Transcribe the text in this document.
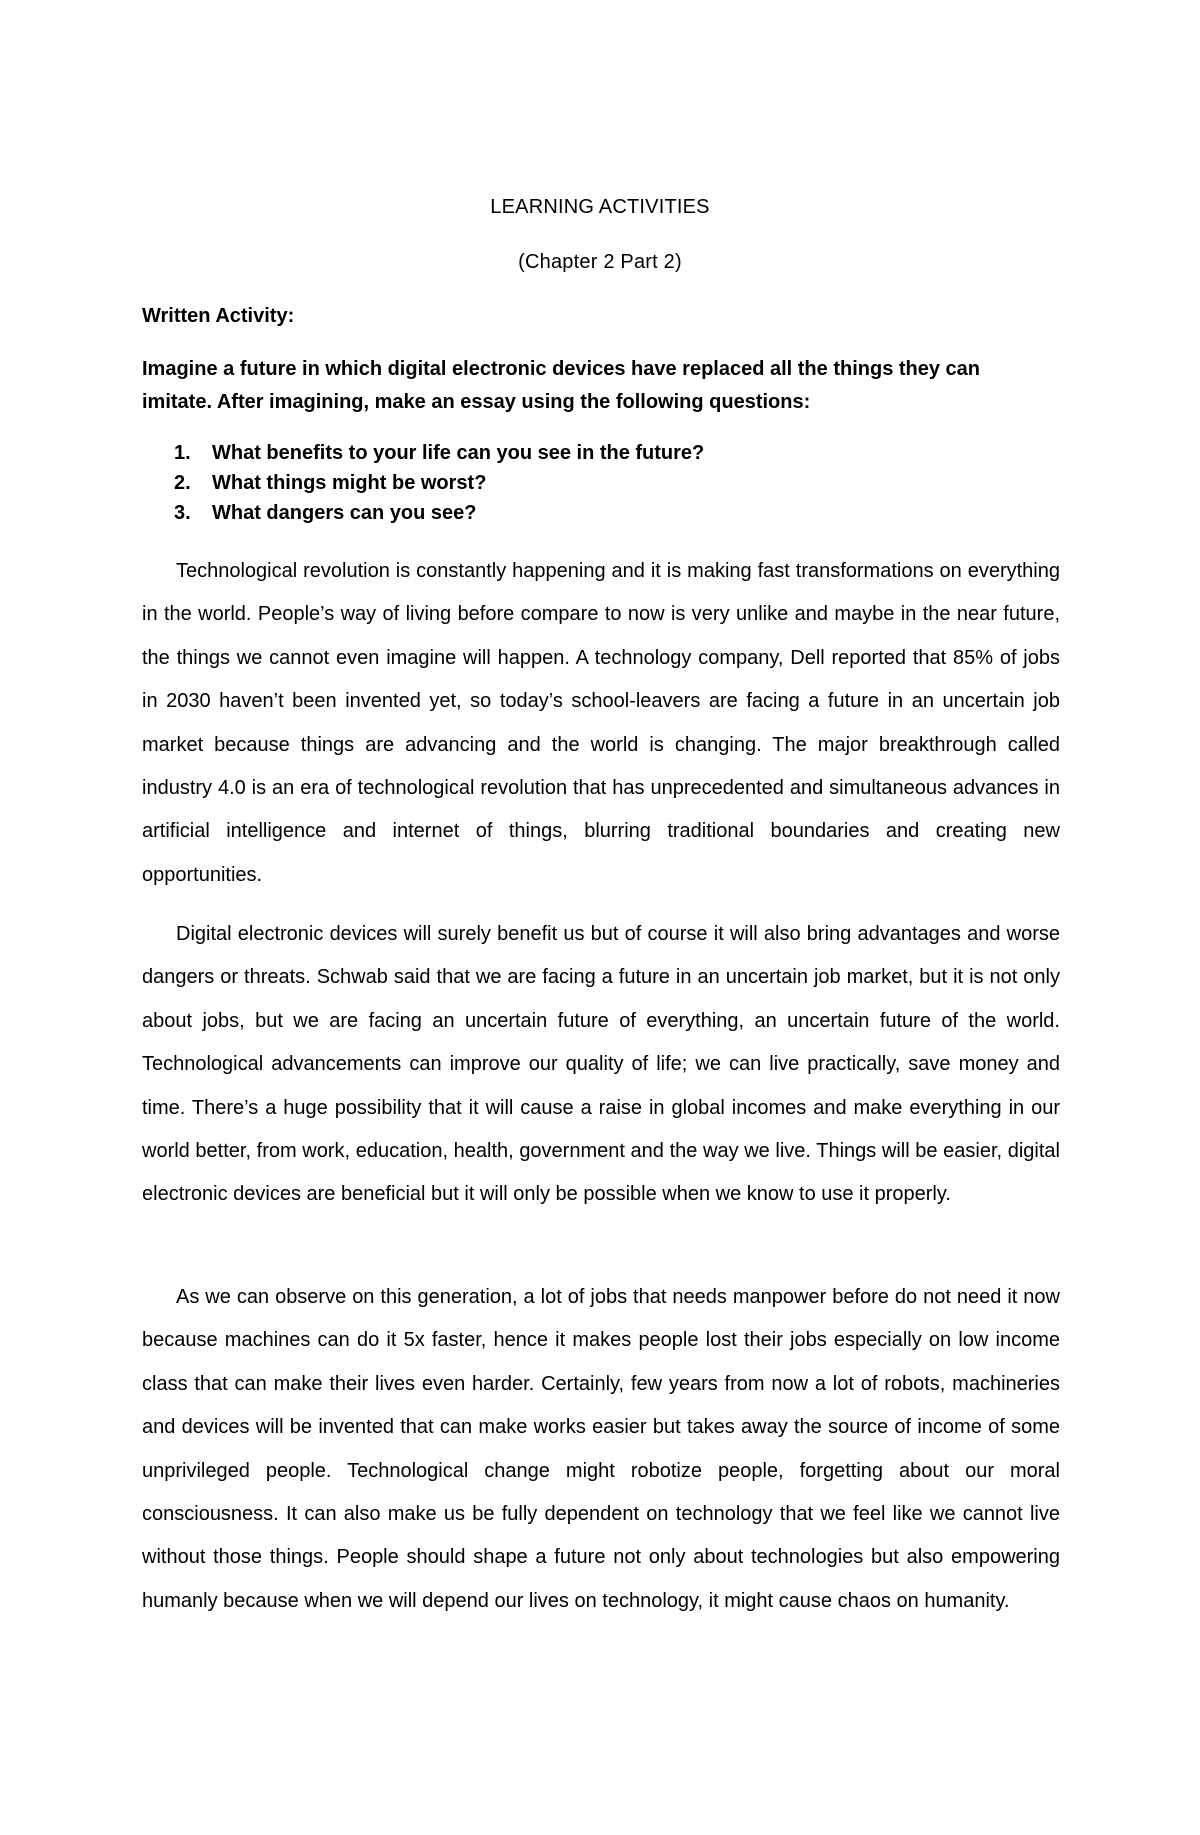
LEARNING ACTIVITIES
(Chapter 2 Part 2)
Written Activity:
Imagine a future in which digital electronic devices have replaced all the things they can imitate. After imagining, make an essay using the following questions:
1.	What benefits to your life can you see in the future?
2.	What things might be worst?
3.	What dangers can you see?

Technological revolution is constantly happening and it is making fast transformations on everything in the world. People’s way of living before compare to now is very unlike and maybe in the near future, the things we cannot even imagine will happen. A technology company, Dell reported that 85% of jobs in 2030 haven’t been invented yet, so today’s school-leavers are facing a future in an uncertain job market because things are advancing and the world is changing. The major breakthrough called industry 4.0 is an era of technological revolution that has unprecedented and simultaneous advances in artificial intelligence and internet of things, blurring traditional boundaries and creating new opportunities.

Digital electronic devices will surely benefit us but of course it will also bring advantages and worse dangers or threats. Schwab said that we are facing a future in an uncertain job market, but it is not only about jobs, but we are facing an uncertain future of everything, an uncertain future of the world. Technological advancements can improve our quality of life; we can live practically, save money and time. There’s a huge possibility that it will cause a raise in global incomes and make everything in our world better, from work, education, health, government and the way we live. Things will be easier, digital electronic devices are beneficial but it will only be possible when we know to use it properly.

As we can observe on this generation, a lot of jobs that needs manpower before do not need it now because machines can do it 5x faster, hence it makes people lost their jobs especially on low income class that can make their lives even harder. Certainly, few years from now a lot of robots, machineries and devices will be invented that can make works easier but takes away the source of income of some unprivileged people. Technological change might robotize people, forgetting about our moral consciousness. It can also make us be fully dependent on technology that we feel like we cannot live without those things. People should shape a future not only about technologies but also empowering humanly because when we will depend our lives on technology, it might cause chaos on humanity.
